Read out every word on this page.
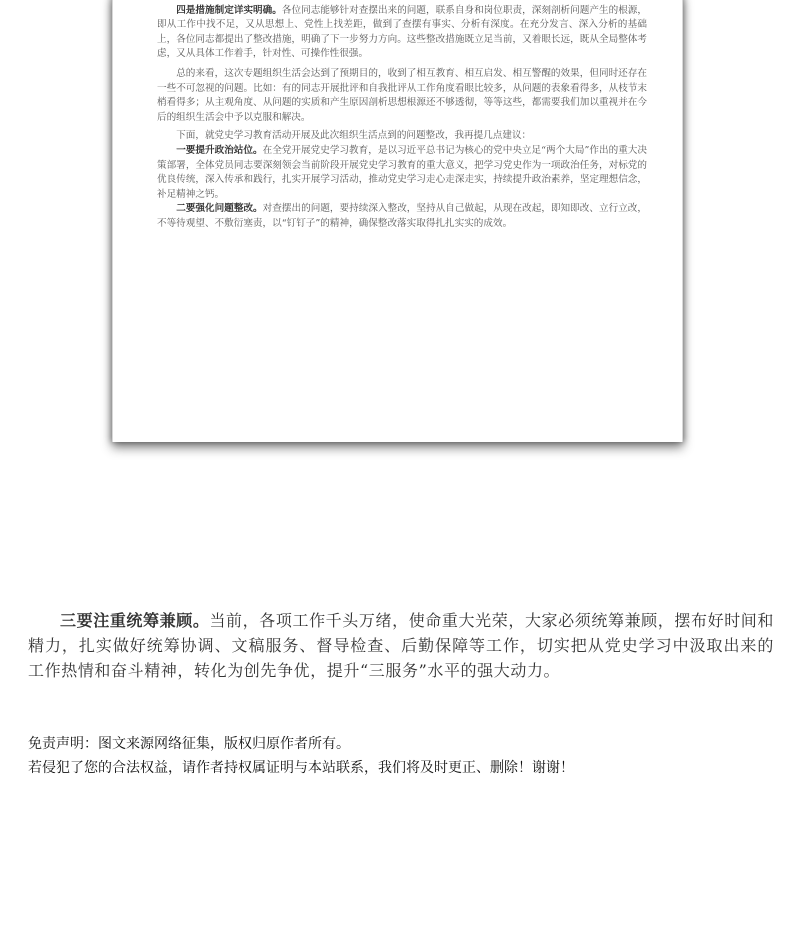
四是措施制定详实明确。各位同志能够针对查摆出来的问题，联系自身和岗位职责，深刻剖析问题产生的根源，即从工作中找不足，又从思想上、党性上找差距，做到了查摆有事实、分析有深度。在充分发言、深入分析的基础上，各位同志都提出了整改措施，明确了下一步努力方向。这些整改措施既立足当前，又着眼长远，既从全局整体考虑，又从具体工作着手，针对性、可操作性很强。

总的来看，这次专题组织生活会达到了预期目的，收到了相互教育、相互启发、相互警醒的效果，但同时还存在一些不可忽视的问题。比如：有的同志开展批评和自我批评从工作角度看眼比较多，从问题的表象看得多，从枝节末梢看得多；从主观角度、从问题的实质和产生原因剖析思想根源还不够透彻，等等这些，都需要我们加以重视并在今后的组织生活会中予以克服和解决。

下面，就党史学习教育活动开展及此次组织生活点到的问题整改，我再提几点建议：

一要提升政治站位。在全党开展党史学习教育，是以习近平总书记为核心的党中央立足“两个大局”作出的重大决策部署，全体党员同志要深刻领会当前阶段开展党史学习教育的重大意义，把学习党史作为一项政治任务，对标党的优良传统，深入传承和践行，扎实开展学习活动，推动党史学习走心走深走实，持续提升政治素养，坚定理想信念，补足精神之钙。

二要强化问题整改。对查摆出的问题，要持续深入整改，坚持从自己做起，从现在改起，即知即改、立行立改，不等待观望、不敷衍塞责，以“钉钉子”的精神，确保整改落实取得扎扎实实的成效。

三要注重统筹兼顾。当前，各项工作千头万绪，使命重大光荣，大家必须统筹兼顾，摆布好时间和精力，扎实做好统筹协调、文稿服务、督导检查、后勤保障等工作，切实把从党史学习中汲取出来的工作热情和奋斗精神，转化为创先争优，提升“三服务”水平的强大动力。

免责声明：图文来源网络征集，版权归原作者所有。

若侵犯了您的合法权益，请作者持权属证明与本站联系，我们将及时更正、删除！谢谢！
